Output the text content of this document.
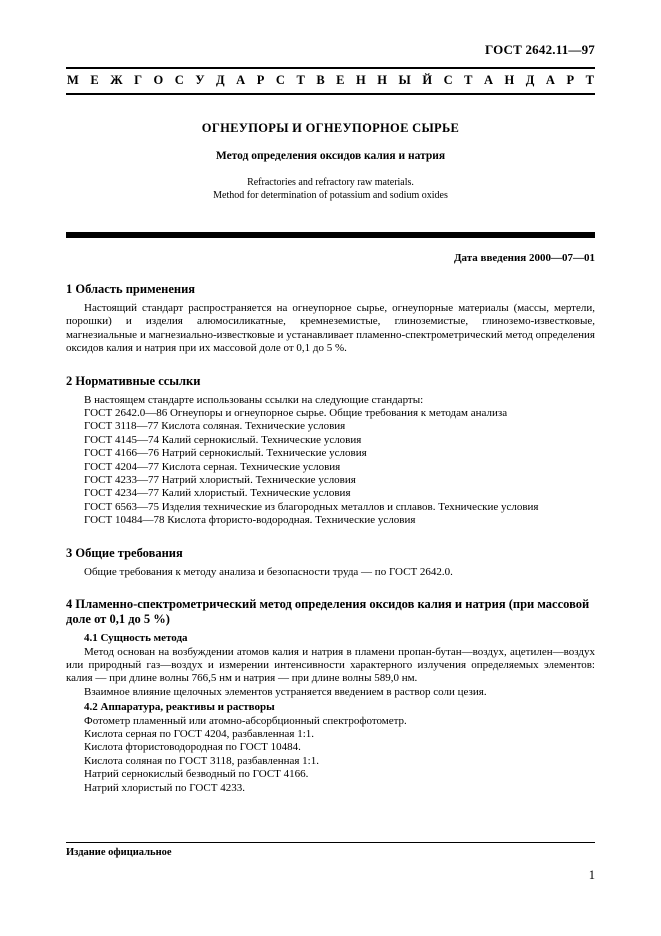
ГОСТ 2642.11—97
М Е Ж Г О С У Д А Р С Т В Е Н Н Ы Й С Т А Н Д А Р Т
ОГНЕУПОРЫ И ОГНЕУПОРНОЕ СЫРЬЕ
Метод определения оксидов калия и натрия
Refractories and refractory raw materials.
Method for determination of potassium and sodium oxides
Дата введения 2000—07—01
1 Область применения

Настоящий стандарт распространяется на огнеупорное сырье, огнеупорные материалы (массы, мертели, порошки) и изделия алюмосиликатные, кремнеземистые, глиноземистые, глиноземо-известковые, магнезиальные и магнезиально-известковые и устанавливает пламенно-спектрометрический метод определения оксидов калия и натрия при их массовой доле от 0,1 до 5 %.

2 Нормативные ссылки
В настоящем стандарте использованы ссылки на следующие стандарты:
ГОСТ 2642.0—86 Огнеупоры и огнеупорное сырье. Общие требования к методам анализа
ГОСТ 3118—77 Кислота соляная. Технические условия
ГОСТ 4145—74 Калий сернокислый. Технические условия
ГОСТ 4166—76 Натрий сернокислый. Технические условия
ГОСТ 4204—77 Кислота серная. Технические условия
ГОСТ 4233—77 Натрий хлористый. Технические условия
ГОСТ 4234—77 Калий хлористый. Технические условия
ГОСТ 6563—75 Изделия технические из благородных металлов и сплавов. Технические условия
ГОСТ 10484—78 Кислота фтористо-водородная. Технические условия
3 Общие требования

Общие требования к методу анализа и безопасности труда — по ГОСТ 2642.0.

4 Пламенно-спектрометрический метод определения оксидов калия и натрия (при массовой доле от 0,1 до 5 %)
4.1 Сущность метода

Метод основан на возбуждении атомов калия и натрия в пламени пропан-бутан—воздух, ацетилен—воздух или природный газ—воздух и измерении интенсивности характерного излучения определяемых элементов: калия — при длине волны 766,5 нм и натрия — при длине волны 589,0 нм.

Взаимное влияние щелочных элементов устраняется введением в раствор соли цезия.

4.2 Аппаратура, реактивы и растворы
Фотометр пламенный или атомно-абсорбционный спектрофотометр.
Кислота серная по ГОСТ 4204, разбавленная 1:1.
Кислота фтористоводородная по ГОСТ 10484.
Кислота соляная по ГОСТ 3118, разбавленная 1:1.
Натрий сернокислый безводный по ГОСТ 4166.
Натрий хлористый по ГОСТ 4233.
Издание официальное
1
